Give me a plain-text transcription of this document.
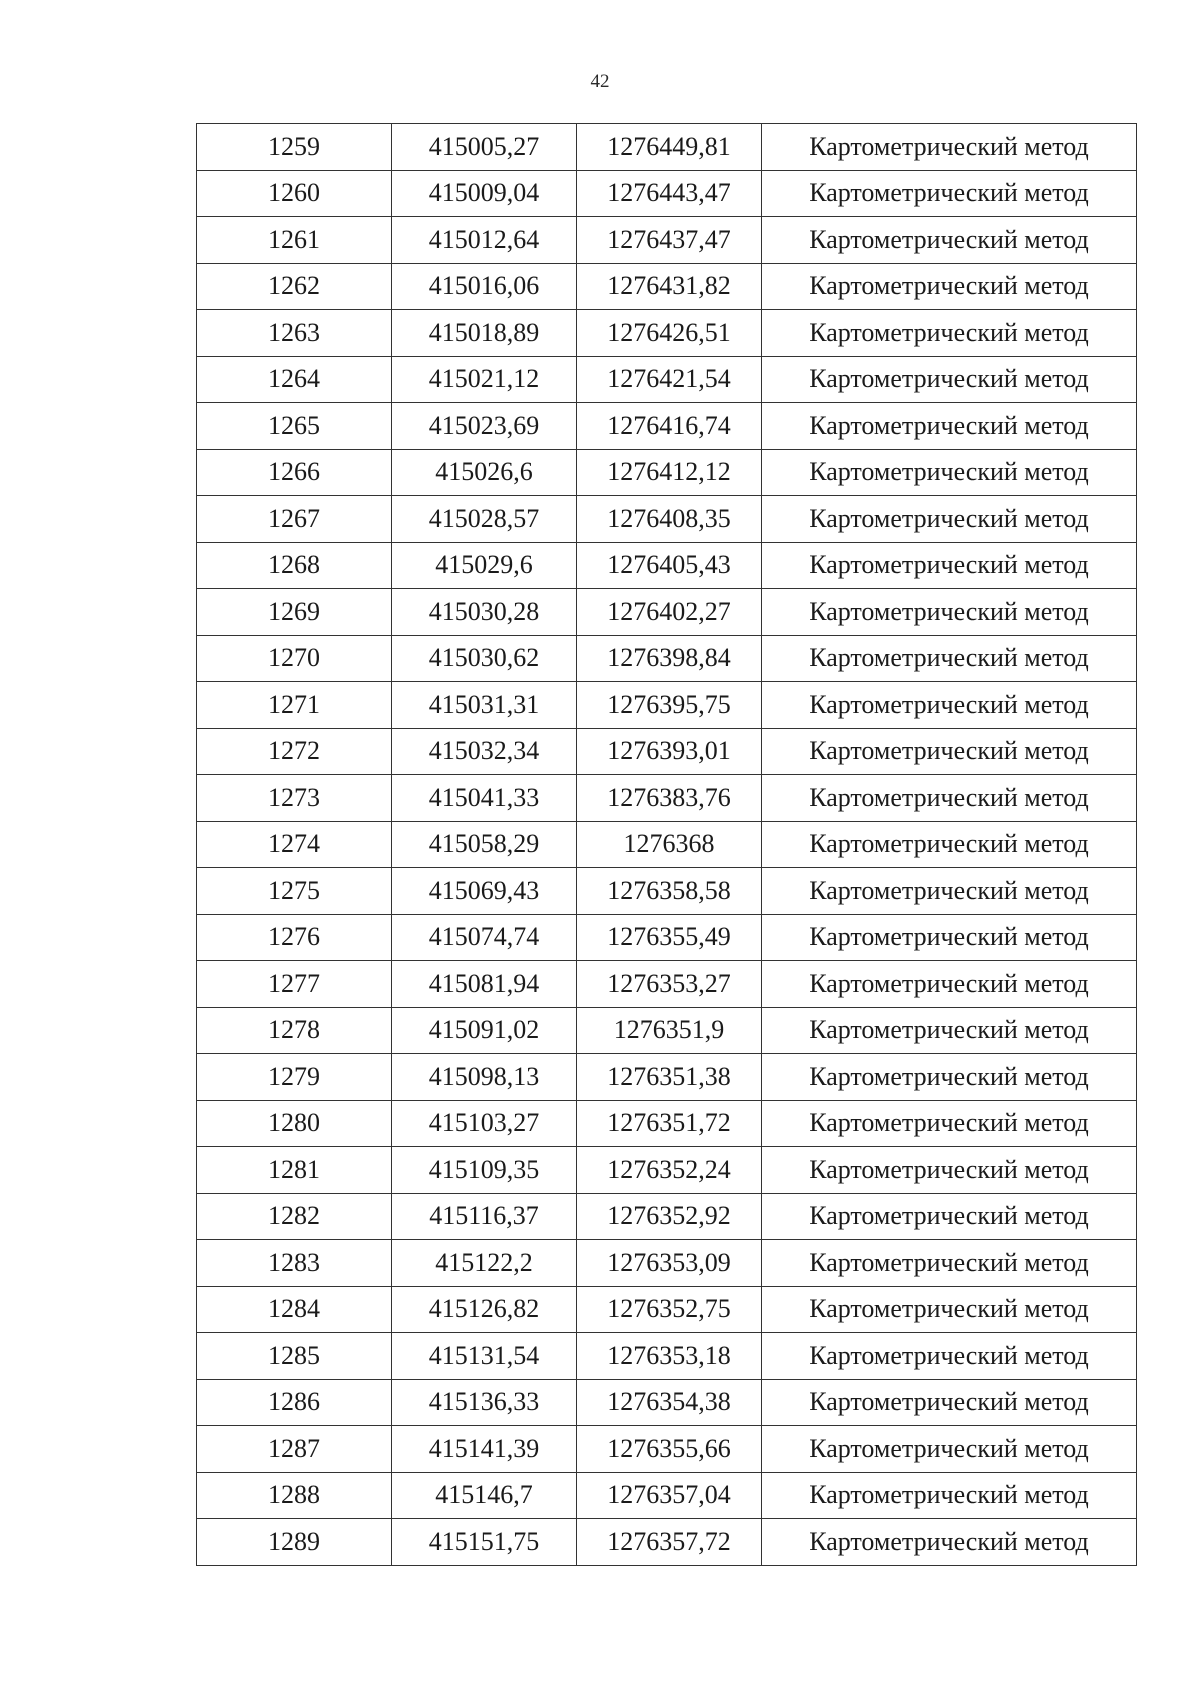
42
1259	415005,27	1276449,81	Картометрический метод
1260	415009,04	1276443,47	Картометрический метод
1261	415012,64	1276437,47	Картометрический метод
1262	415016,06	1276431,82	Картометрический метод
1263	415018,89	1276426,51	Картометрический метод
1264	415021,12	1276421,54	Картометрический метод
1265	415023,69	1276416,74	Картометрический метод
1266	415026,6	1276412,12	Картометрический метод
1267	415028,57	1276408,35	Картометрический метод
1268	415029,6	1276405,43	Картометрический метод
1269	415030,28	1276402,27	Картометрический метод
1270	415030,62	1276398,84	Картометрический метод
1271	415031,31	1276395,75	Картометрический метод
1272	415032,34	1276393,01	Картометрический метод
1273	415041,33	1276383,76	Картометрический метод
1274	415058,29	1276368	Картометрический метод
1275	415069,43	1276358,58	Картометрический метод
1276	415074,74	1276355,49	Картометрический метод
1277	415081,94	1276353,27	Картометрический метод
1278	415091,02	1276351,9	Картометрический метод
1279	415098,13	1276351,38	Картометрический метод
1280	415103,27	1276351,72	Картометрический метод
1281	415109,35	1276352,24	Картометрический метод
1282	415116,37	1276352,92	Картометрический метод
1283	415122,2	1276353,09	Картометрический метод
1284	415126,82	1276352,75	Картометрический метод
1285	415131,54	1276353,18	Картометрический метод
1286	415136,33	1276354,38	Картометрический метод
1287	415141,39	1276355,66	Картометрический метод
1288	415146,7	1276357,04	Картометрический метод
1289	415151,75	1276357,72	Картометрический метод
